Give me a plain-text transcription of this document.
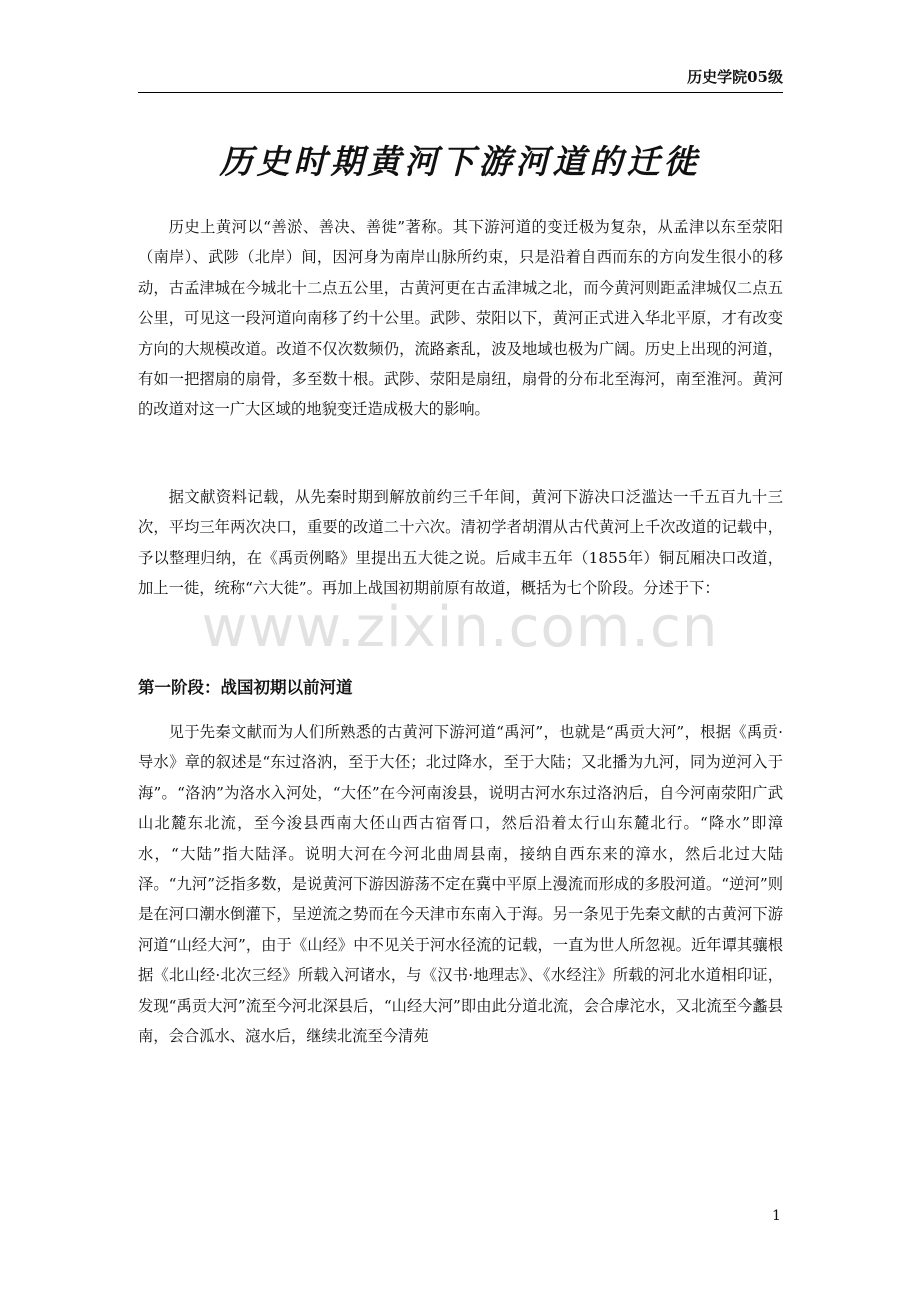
历史学院05级
历史时期黄河下游河道的迁徙

历史上黄河以“善淤、善决、善徙”著称。其下游河道的变迁极为复杂，从孟津以东至荥阳（南岸）、武陟（北岸）间，因河身为南岸山脉所约束，只是沿着自西而东的方向发生很小的移动，古孟津城在今城北十二点五公里，古黄河更在古孟津城之北，而今黄河则距孟津城仅二点五公里，可见这一段河道向南移了约十公里。武陟、荥阳以下，黄河正式进入华北平原，才有改变方向的大规模改道。改道不仅次数频仍，流路紊乱，波及地域也极为广阔。历史上出现的河道，有如一把摺扇的扇骨，多至数十根。武陟、荥阳是扇纽，扇骨的分布北至海河，南至淮河。黄河的改道对这一广大区域的地貌变迁造成极大的影响。

据文献资料记载，从先秦时期到解放前约三千年间，黄河下游决口泛滥达一千五百九十三次，平均三年两次决口，重要的改道二十六次。清初学者胡渭从古代黄河上千次改道的记载中，予以整理归纳，在《禹贡例略》里提出五大徙之说。后咸丰五年（1855年）铜瓦厢决口改道，加上一徙，统称“六大徙”。再加上战国初期前原有故道，概括为七个阶段。分述于下：

www.zixin.com.cn
第一阶段：战国初期以前河道

见于先秦文献而为人们所熟悉的古黄河下游河道“禹河”，也就是“禹贡大河”，根据《禹贡·导水》章的叙述是“东过洛汭，至于大伾；北过降水，至于大陆；又北播为九河，同为逆河入于海”。“洛汭”为洛水入河处，“大伾”在今河南浚县，说明古河水东过洛汭后，自今河南荥阳广武山北麓东北流，至今浚县西南大伾山西古宿胥口，然后沿着太行山东麓北行。“降水”即漳水，“大陆”指大陆泽。说明大河在今河北曲周县南，接纳自西东来的漳水，然后北过大陆泽。“九河”泛指多数，是说黄河下游因游荡不定在冀中平原上漫流而形成的多股河道。“逆河”则是在河口潮水倒灌下，呈逆流之势而在今天津市东南入于海。另一条见于先秦文献的古黄河下游河道“山经大河”，由于《山经》中不见关于河水径流的记载，一直为世人所忽视。近年谭其骧根据《北山经·北次三经》所载入河诸水，与《汉书·地理志》、《水经注》所载的河北水道相印证，发现“禹贡大河”流至今河北深县后，“山经大河”即由此分道北流，会合虖沱水，又北流至今蠡县南，会合泒水、滱水后，继续北流至今清苑

1
